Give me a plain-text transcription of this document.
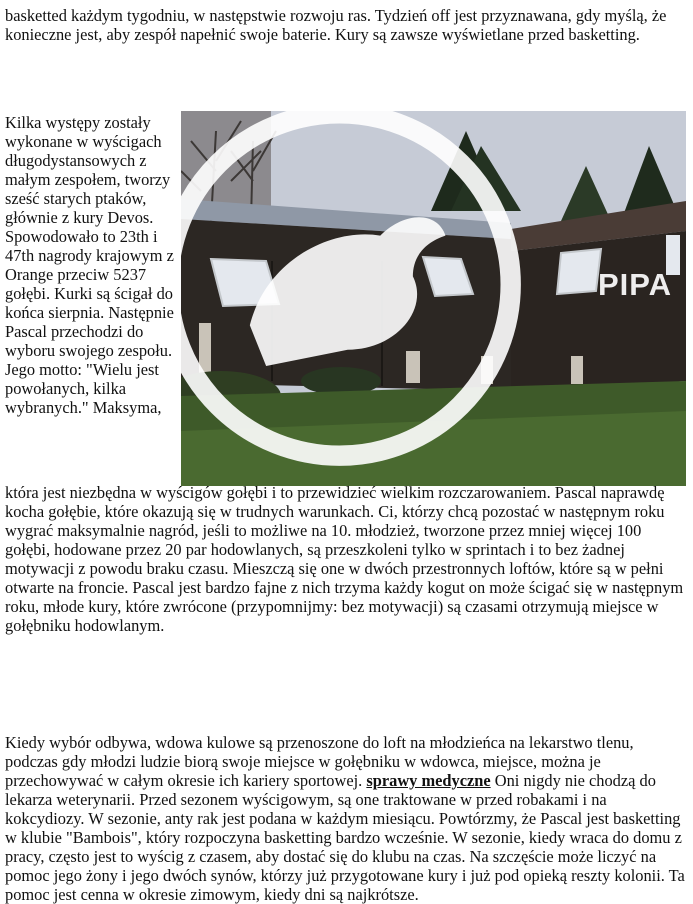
basketted każdym tygodniu, w następstwie rozwoju ras. Tydzień off jest przyznawana, gdy myślą, że konieczne jest, aby zespół napełnić swoje baterie. Kury są zawsze wyświetlane przed basketting.

Kilka występy zostały wykonane w wyścigach długodystansowych z małym zespołem, tworzy sześć starych ptaków, głównie z kury Devos. Spowodowało to 23th i 47th nagrody krajowym z Orange przeciw 5237 gołębi. Kurki są ścigał do końca sierpnia. Następnie Pascal przechodzi do wyboru swojego zespołu. Jego motto: "Wielu jest powołanych, kilka wybranych." Maksyma,

PIPA

która jest niezbędna w wyścigów gołębi i to przewidzieć wielkim rozczarowaniem. Pascal naprawdę kocha gołębie, które okazują się w trudnych warunkach. Ci, którzy chcą pozostać w następnym roku wygrać maksymalnie nagród, jeśli to możliwe na 10. młodzież, tworzone przez mniej więcej 100 gołębi, hodowane przez 20 par hodowlanych, są przeszkoleni tylko w sprintach i to bez żadnej motywacji z powodu braku czasu. Mieszczą się one w dwóch przestronnych loftów, które są w pełni otwarte na froncie. Pascal jest bardzo fajne z nich trzyma każdy kogut on może ścigać się w następnym roku, młode kury, które zwrócone (przypomnijmy: bez motywacji) są czasami otrzymują miejsce w gołębniku hodowlanym.

Kiedy wybór odbywa, wdowa kulowe są przenoszone do loft na młodzieńca na lekarstwo tlenu, podczas gdy młodzi ludzie biorą swoje miejsce w gołębniku w wdowca, miejsce, można je przechowywać w całym okresie ich kariery sportowej. sprawy medyczne Oni nigdy nie chodzą do lekarza weterynarii. Przed sezonem wyścigowym, są one traktowane w przed robakami i na kokcydiozy. W sezonie, anty rak jest podana w każdym miesiącu. Powtórzmy, że Pascal jest basketting w klubie "Bambois", który rozpoczyna basketting bardzo wcześnie. W sezonie, kiedy wraca do domu z pracy, często jest to wyścig z czasem, aby dostać się do klubu na czas. Na szczęście może liczyć na pomoc jego żony i jego dwóch synów, którzy już przygotowane kury i już pod opieką reszty kolonii. Ta pomoc jest cenna w okresie zimowym, kiedy dni są najkrótsze.
